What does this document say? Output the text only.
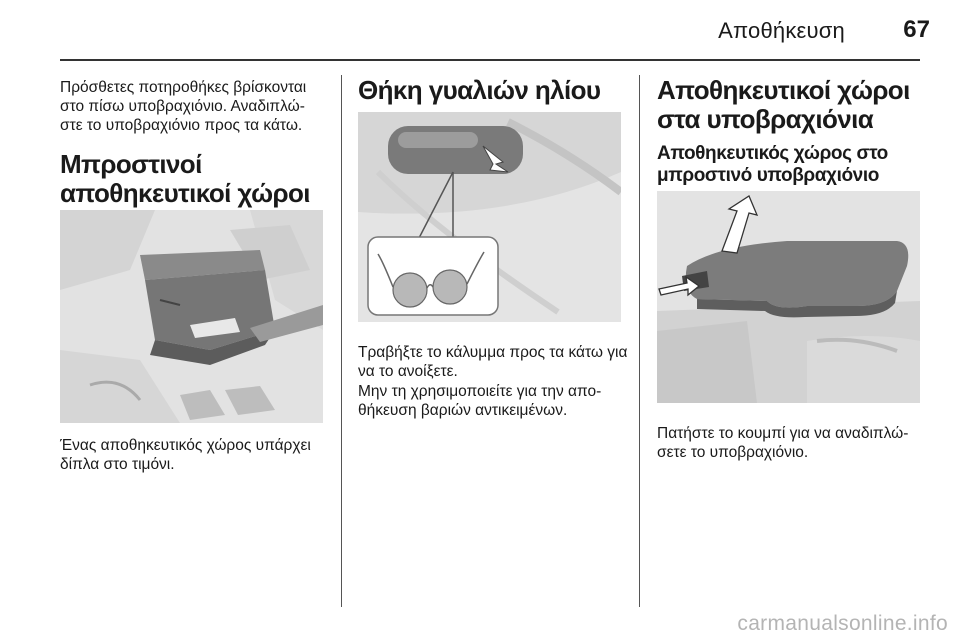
Αποθήκευση 67

Πρόσθετες ποτηροθήκες βρίσκονται στο πίσω υποβραχιόνιο. Αναδιπλώ- στε το υποβραχιόνιο προς τα κάτω.

Μπροστινοί αποθηκευτικοί χώροι

Ένας αποθηκευτικός χώρος υπάρχει δίπλα στο τιμόνι.

Θήκη γυαλιών ηλίου

Τραβήξτε το κάλυμμα προς τα κάτω για να το ανοίξετε.

Μην τη χρησιμοποιείτε για την απο- θήκευση βαριών αντικειμένων.

Αποθηκευτικοί χώροι στα υποβραχιόνια
Αποθηκευτικός χώρος στο μπροστινό υποβραχιόνιο

Πατήστε το κουμπί για να αναδιπλώ- σετε το υποβραχιόνιο.

carmanualsonline.info
